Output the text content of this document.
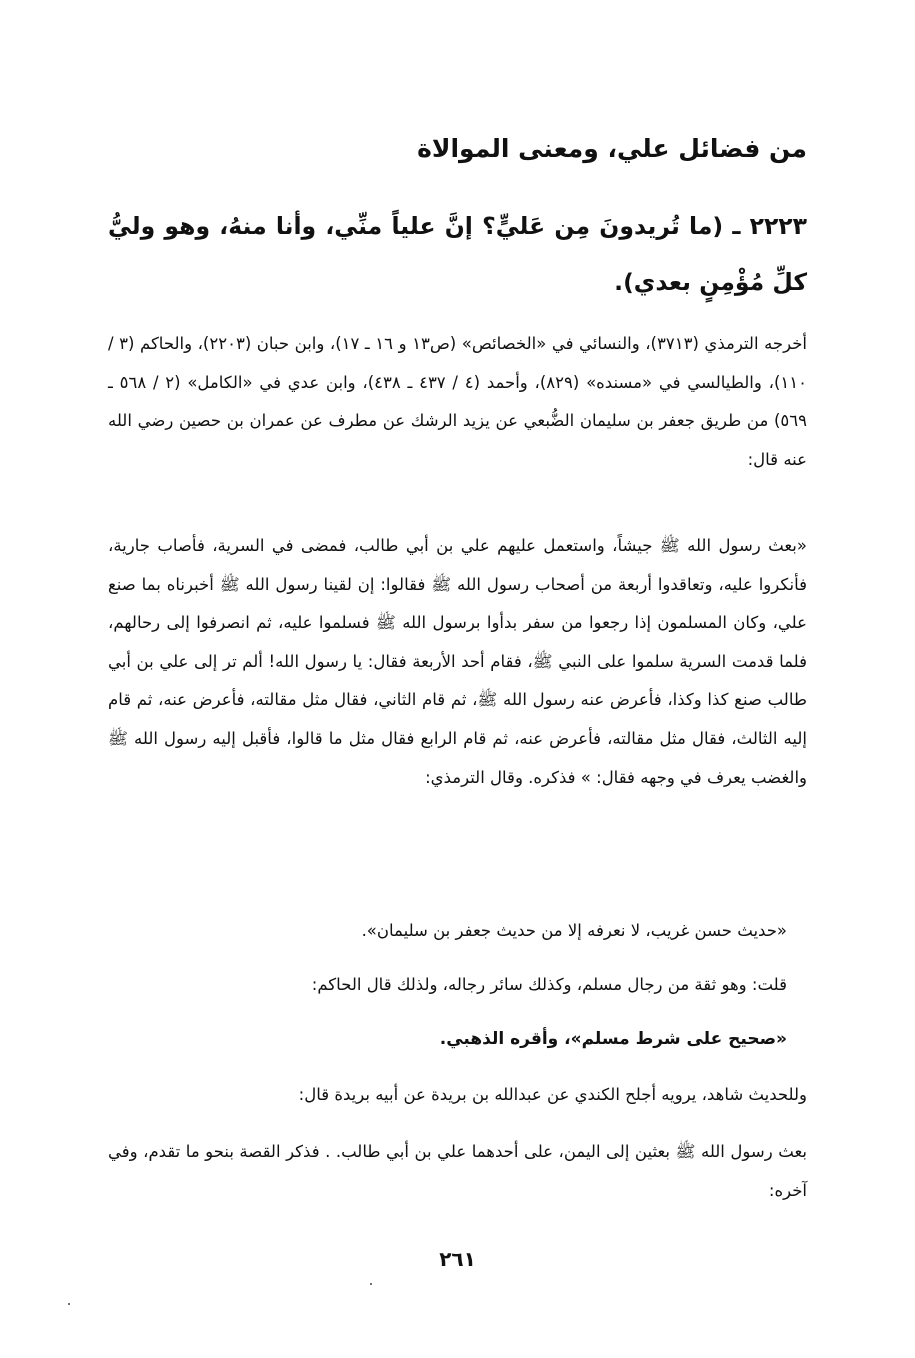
من فضائل علي، ومعنى الموالاة
٢٢٢٣ ـ (ما تُريدونَ مِن عَليٍّ؟ إنَّ علياً منِّي، وأنا منهُ، وهو وليُّ كلِّ مُؤْمِنٍ بعدي).
أخرجه الترمذي (٣٧١٣)، والنسائي في «الخصائص» (ص١٣ و ١٦ ـ ١٧)، وابن حبان (٢٢٠٣)، والحاكم (٣ / ١١٠)، والطيالسي في «مسنده» (٨٢٩)، وأحمد (٤ / ٤٣٧ ـ ٤٣٨)، وابن عدي في «الكامل» (٢ / ٥٦٨ ـ ٥٦٩) من طريق جعفر بن سليمان الضُّبعي عن يزيد الرشك عن مطرف عن عمران بن حصين رضي الله عنه قال:
«بعث رسول الله ﷺ جيشاً، واستعمل عليهم علي بن أبي طالب، فمضى في السرية، فأصاب جارية، فأنكروا عليه، وتعاقدوا أربعة من أصحاب رسول الله ﷺ فقالوا: إن لقينا رسول الله ﷺ أخبرناه بما صنع علي، وكان المسلمون إذا رجعوا من سفر بدأوا برسول الله ﷺ فسلموا عليه، ثم انصرفوا إلى رحالهم، فلما قدمت السرية سلموا على النبي ﷺ، فقام أحد الأربعة فقال: يا رسول الله! ألم تر إلى علي بن أبي طالب صنع كذا وكذا، فأعرض عنه رسول الله ﷺ، ثم قام الثاني، فقال مثل مقالته، فأعرض عنه، ثم قام إليه الثالث، فقال مثل مقالته، فأعرض عنه، ثم قام الرابع فقال مثل ما قالوا، فأقبل إليه رسول الله ﷺ والغضب يعرف في وجهه فقال: » فذكره. وقال الترمذي:
«حديث حسن غريب، لا نعرفه إلا من حديث جعفر بن سليمان».
قلت: وهو ثقة من رجال مسلم، وكذلك سائر رجاله، ولذلك قال الحاكم:
«صحيح على شرط مسلم»، وأقره الذهبي.
وللحديث شاهد، يرويه أجلح الكندي عن عبدالله بن بريدة عن أبيه بريدة قال:
بعث رسول الله ﷺ بعثين إلى اليمن، على أحدهما علي بن أبي طالب. . فذكر القصة بنحو ما تقدم، وفي آخره:
٢٦١
